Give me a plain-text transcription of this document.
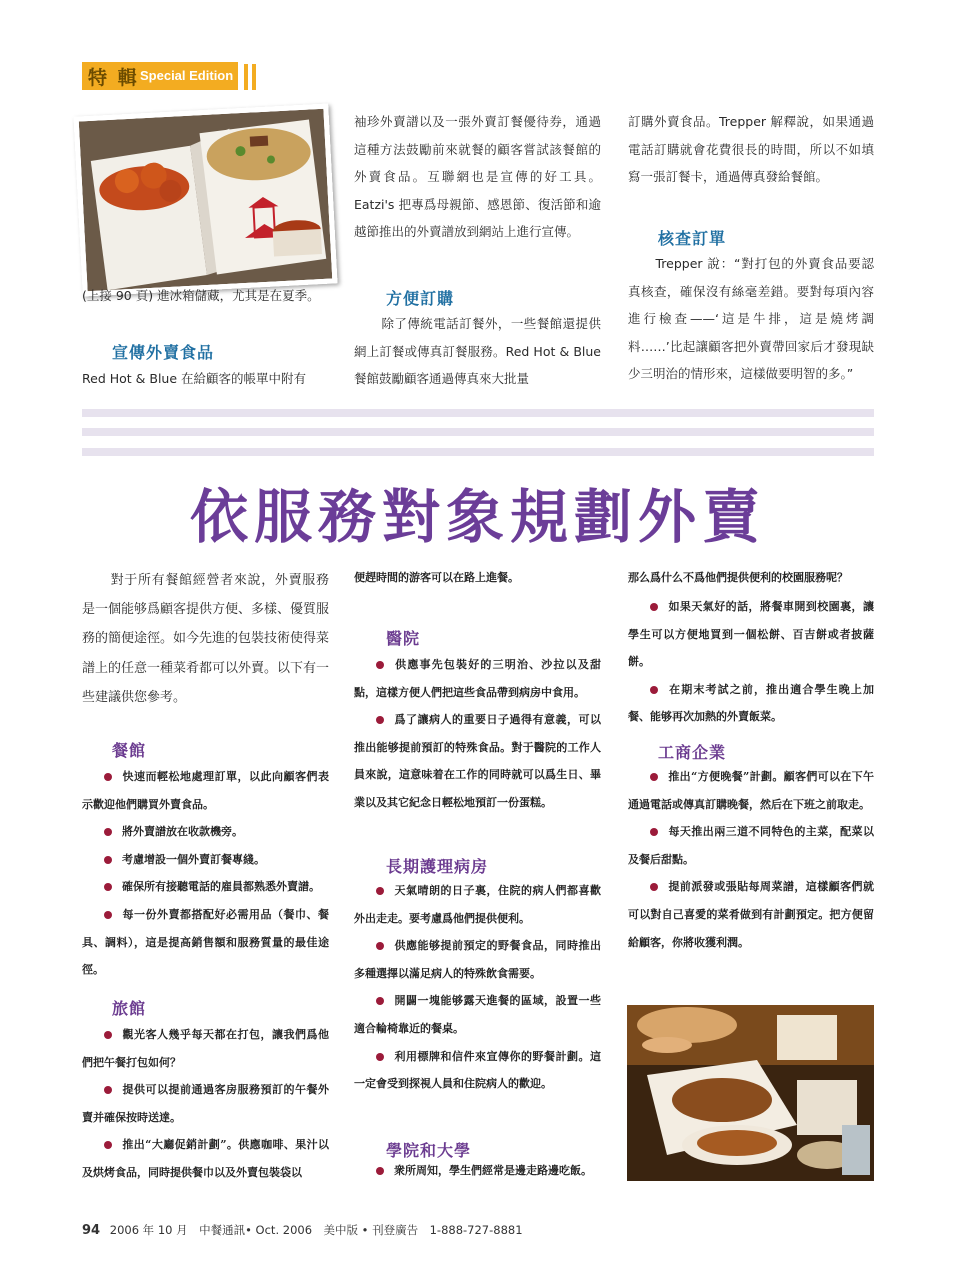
特 輯 Special Edition

(上接 90 頁) 進冰箱儲藏，尤其是在夏季。

宣傳外賣食品

Red Hot & Blue 在給顧客的帳單中附有

袖珍外賣譜以及一張外賣訂餐優待券，通過這種方法鼓勵前來就餐的顧客嘗試該餐館的外賣食品。互聯網也是宣傳的好工具。Eatzi's 把專爲母親節、感恩節、復活節和逾越節推出的外賣譜放到網站上進行宣傳。

方便訂購

除了傳統電話訂餐外，一些餐館還提供網上訂餐或傳真訂餐服務。Red Hot & Blue 餐館鼓勵顧客通過傳真來大批量

訂購外賣食品。Trepper 解釋說，如果通過電話訂購就會花費很長的時間，所以不如填寫一張訂餐卡，通過傳真發給餐館。

核查訂單

Trepper 說：“對打包的外賣食品要認真核查，確保沒有絲毫差錯。要對每項內容進行檢查——‘這是牛排，這是燒烤調料……’比起讓顧客把外賣帶回家后才發現缺少三明治的情形來，這樣做要明智的多。”

依服務對象規劃外賣

對于所有餐館經營者來說，外賣服務是一個能够爲顧客提供方便、多樣、優質服務的簡便途徑。如今先進的包裝技術使得菜譜上的任意一種菜肴都可以外賣。以下有一些建議供您參考。

餐館

快速而輕松地處理訂單，以此向顧客們表示歡迎他們購買外賣食品。

將外賣譜放在收款機旁。

考慮增設一個外賣訂餐專綫。

確保所有接聽電話的雇員都熟悉外賣譜。

每一份外賣都搭配好必需用品（餐巾、餐具、調料），這是提高銷售額和服務質量的最佳途徑。

旅館

觀光客人幾乎每天都在打包，讓我們爲他們把午餐打包如何？

提供可以提前通過客房服務預訂的午餐外賣并確保按時送達。

推出“大廳促銷計劃”。供應咖啡、果汁以及烘烤食品，同時提供餐巾以及外賣包裝袋以

便趕時間的游客可以在路上進餐。

醫院

供應事先包裝好的三明治、沙拉以及甜點，這樣方便人們把這些食品帶到病房中食用。

爲了讓病人的重要日子過得有意義，可以推出能够提前預訂的特殊食品。對于醫院的工作人員來說，這意味着在工作的同時就可以爲生日、畢業以及其它紀念日輕松地預訂一份蛋糕。

長期護理病房

天氣晴朗的日子裏，住院的病人們都喜歡外出走走。要考慮爲他們提供便利。

供應能够提前預定的野餐食品，同時推出多種選擇以滿足病人的特殊飲食需要。

開闢一塊能够露天進餐的區域，設置一些適合輪椅靠近的餐桌。

利用標牌和信件來宣傳你的野餐計劃。這一定會受到探視人員和住院病人的歡迎。

學院和大學

衆所周知，學生們經常是邊走路邊吃飯。

那么爲什么不爲他們提供便利的校園服務呢？

如果天氣好的話，將餐車開到校園裏，讓學生可以方便地買到一個松餅、百吉餅或者披薩餅。

在期末考試之前，推出適合學生晚上加餐、能够再次加熱的外賣飯菜。

工商企業

推出“方便晚餐”計劃。顧客們可以在下午通過電話或傳真訂購晚餐，然后在下班之前取走。

每天推出兩三道不同特色的主菜，配菜以及餐后甜點。

提前派發或張貼每周菜譜，這樣顧客們就可以對自己喜愛的菜肴做到有計劃預定。把方便留給顧客，你將收獲利潤。

94 2006 年 10 月　中餐通訊• Oct. 2006　美中版 • 刊登廣告　1-888-727-8881
